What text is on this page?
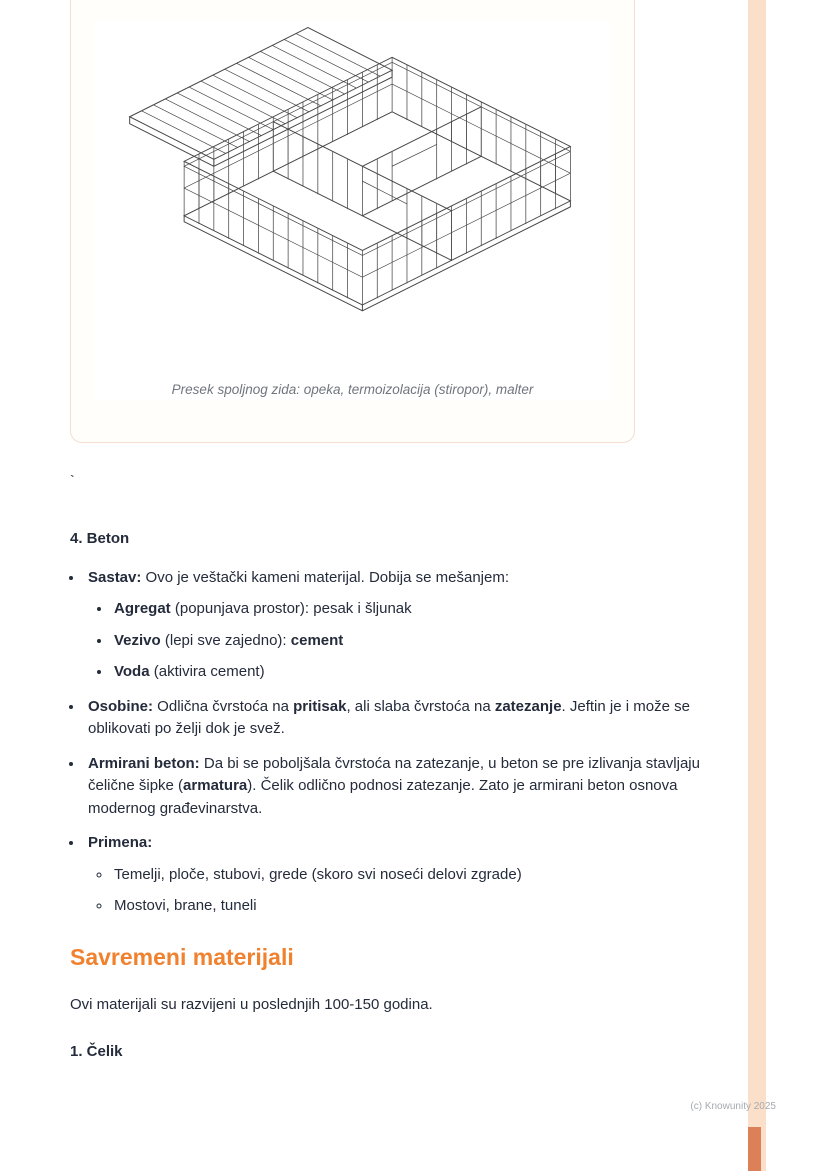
Presek spoljnog zida: opeka, termoizolacija (stiropor), malter
`
4. Beton
• Sastav: Ovo je veštački kameni materijal. Dobija se mešanjem:
• Agregat (popunjava prostor): pesak i šljunak
• Vezivo (lepi sve zajedno): cement
• Voda (aktivira cement)
• Osobine: Odlična čvrstoća na pritisak, ali slaba čvrstoća na zatezanje. Jeftin je i može se oblikovati po želji dok je svež.
• Armirani beton: Da bi se poboljšala čvrstoća na zatezanje, u beton se pre izlivanja stavljaju čelične šipke (armatura). Čelik odlično podnosi zatezanje. Zato je armirani beton osnova modernog građevinarstva.
• Primena:
◦ Temelji, ploče, stubovi, grede (skoro svi noseći delovi zgrade)
◦ Mostovi, brane, tuneli
Savremeni materijali

Ovi materijali su razvijeni u poslednjih 100-150 godina.

1. Čelik
(c) Knowunity 2025
